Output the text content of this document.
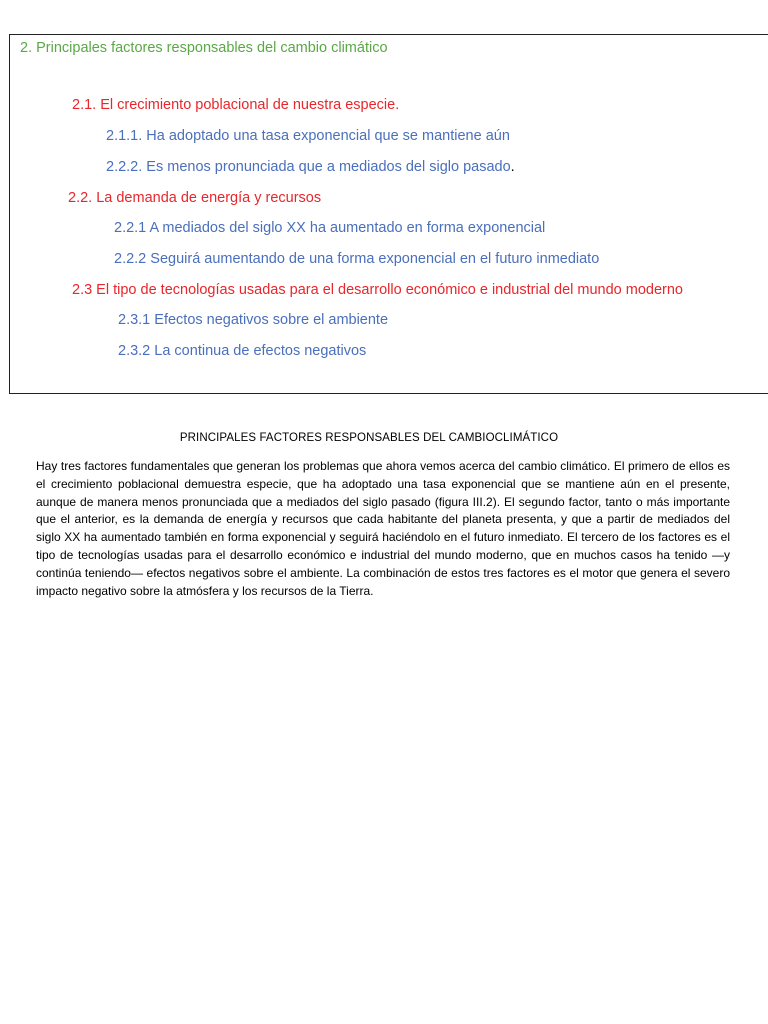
2. Principales factores responsables del cambio climático
2.1. El crecimiento poblacional de nuestra especie.
2.1.1. Ha adoptado una tasa exponencial que se mantiene aún
2.2.2. Es menos pronunciada que a mediados del siglo pasado.
2.2. La demanda de energía y recursos
2.2.1 A mediados del siglo XX ha aumentado en forma exponencial
2.2.2 Seguirá aumentando de una forma exponencial en el futuro inmediato
2.3 El tipo de tecnologías usadas para el desarrollo económico e industrial del mundo moderno
2.3.1 Efectos negativos sobre el ambiente
2.3.2 La continua de efectos negativos
PRINCIPALES FACTORES RESPONSABLES DEL CAMBIOCLIMÁTICO

Hay tres factores fundamentales que generan los problemas que ahora vemos acerca del cambio climático. El primero de ellos es el crecimiento poblacional demuestra especie, que ha adoptado una tasa exponencial que se mantiene aún en el presente, aunque de manera menos pronunciada que a mediados del siglo pasado (figura III.2). El segundo factor, tanto o más importante que el anterior, es la demanda de energía y recursos que cada habitante del planeta presenta, y que a partir de mediados del siglo XX ha aumentado también en forma exponencial y seguirá haciéndolo en el futuro inmediato. El tercero de los factores es el tipo de tecnologías usadas para el desarrollo económico e industrial del mundo moderno, que en muchos casos ha tenido —y continúa teniendo— efectos negativos sobre el ambiente. La combinación de estos tres factores es el motor que genera el severo impacto negativo sobre la atmósfera y los recursos de la Tierra.
